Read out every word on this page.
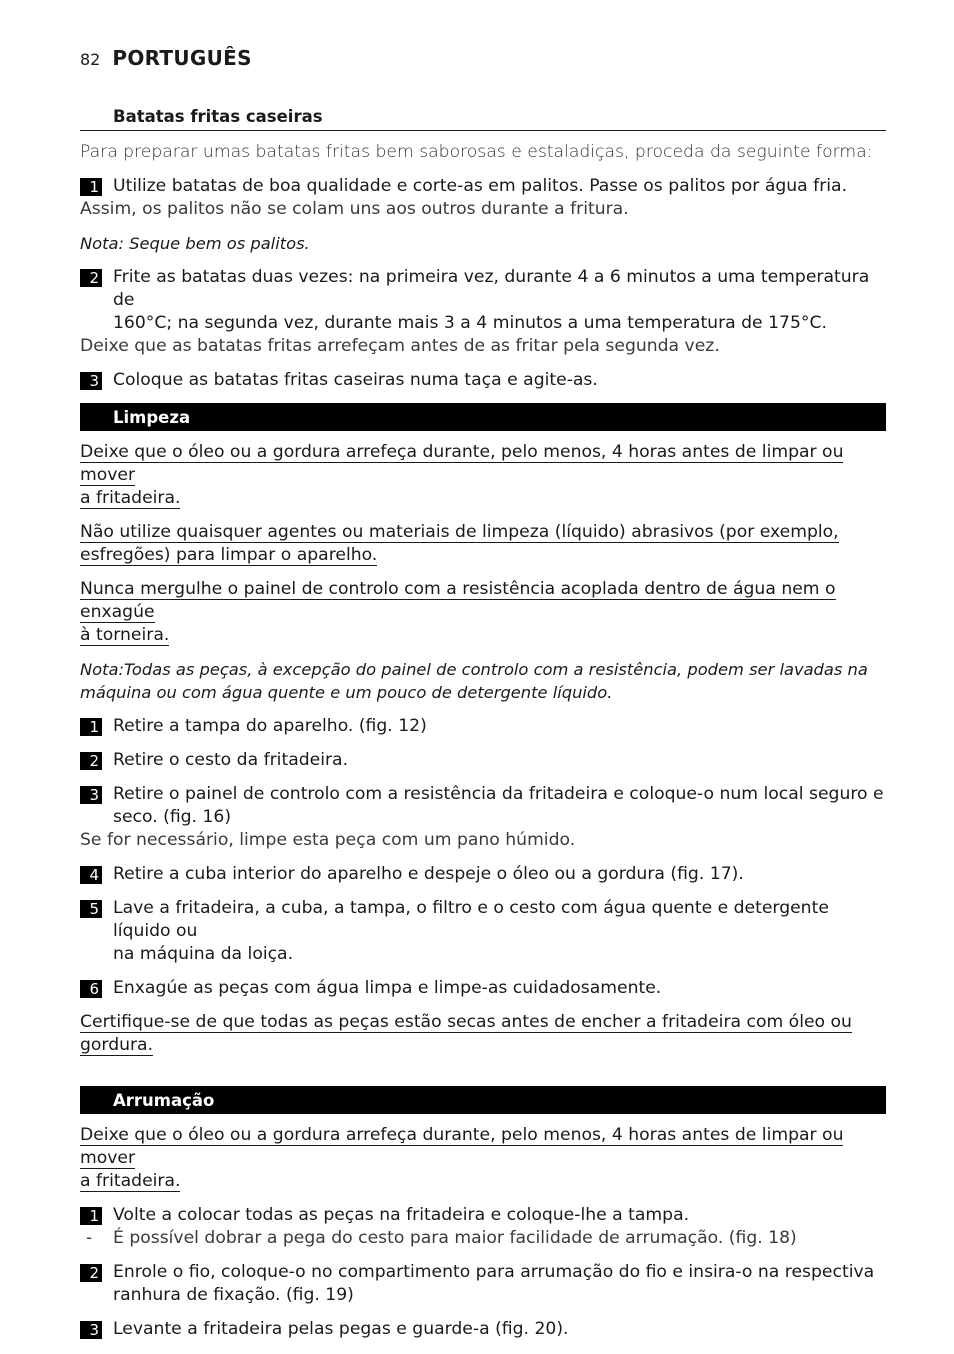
82 PORTUGUÊS
Batatas fritas caseiras
Para preparar umas batatas fritas bem saborosas e estaladiças, proceda da seguinte forma:
1 Utilize batatas de boa qualidade e corte-as em palitos. Passe os palitos por água fria.
Assim, os palitos não se colam uns aos outros durante a fritura.
Nota: Seque bem os palitos.
2 Frite as batatas duas vezes: na primeira vez, durante 4 a 6 minutos a uma temperatura de
160°C; na segunda vez, durante mais 3 a 4 minutos a uma temperatura de 175°C.
Deixe que as batatas fritas arrefeçam antes de as fritar pela segunda vez.
3 Coloque as batatas fritas caseiras numa taça e agite-as.
Limpeza
Deixe que o óleo ou a gordura arrefeça durante, pelo menos, 4 horas antes de limpar ou mover
a fritadeira.
Não utilize quaisquer agentes ou materiais de limpeza (líquido) abrasivos (por exemplo,
esfregões) para limpar o aparelho.
Nunca mergulhe o painel de controlo com a resistência acoplada dentro de água nem o enxagúe
à torneira.
Nota:Todas as peças, à excepção do painel de controlo com a resistência, podem ser lavadas na
máquina ou com água quente e um pouco de detergente líquido.
1 Retire a tampa do aparelho. (fig. 12)
2 Retire o cesto da fritadeira.
3 Retire o painel de controlo com a resistência da fritadeira e coloque-o num local seguro e
seco. (fig. 16)
Se for necessário, limpe esta peça com um pano húmido.
4 Retire a cuba interior do aparelho e despeje o óleo ou a gordura (fig. 17).
5 Lave a fritadeira, a cuba, a tampa, o filtro e o cesto com água quente e detergente líquido ou
na máquina da loiça.
6 Enxagúe as peças com água limpa e limpe-as cuidadosamente.
Certifique-se de que todas as peças estão secas antes de encher a fritadeira com óleo ou gordura.
Arrumação
Deixe que o óleo ou a gordura arrefeça durante, pelo menos, 4 horas antes de limpar ou mover
a fritadeira.
1 Volte a colocar todas as peças na fritadeira e coloque-lhe a tampa.
- É possível dobrar a pega do cesto para maior facilidade de arrumação. (fig. 18)
2 Enrole o fio, coloque-o no compartimento para arrumação do fio e insira-o na respectiva
ranhura de fixação. (fig. 19)
3 Levante a fritadeira pelas pegas e guarde-a (fig. 20).
